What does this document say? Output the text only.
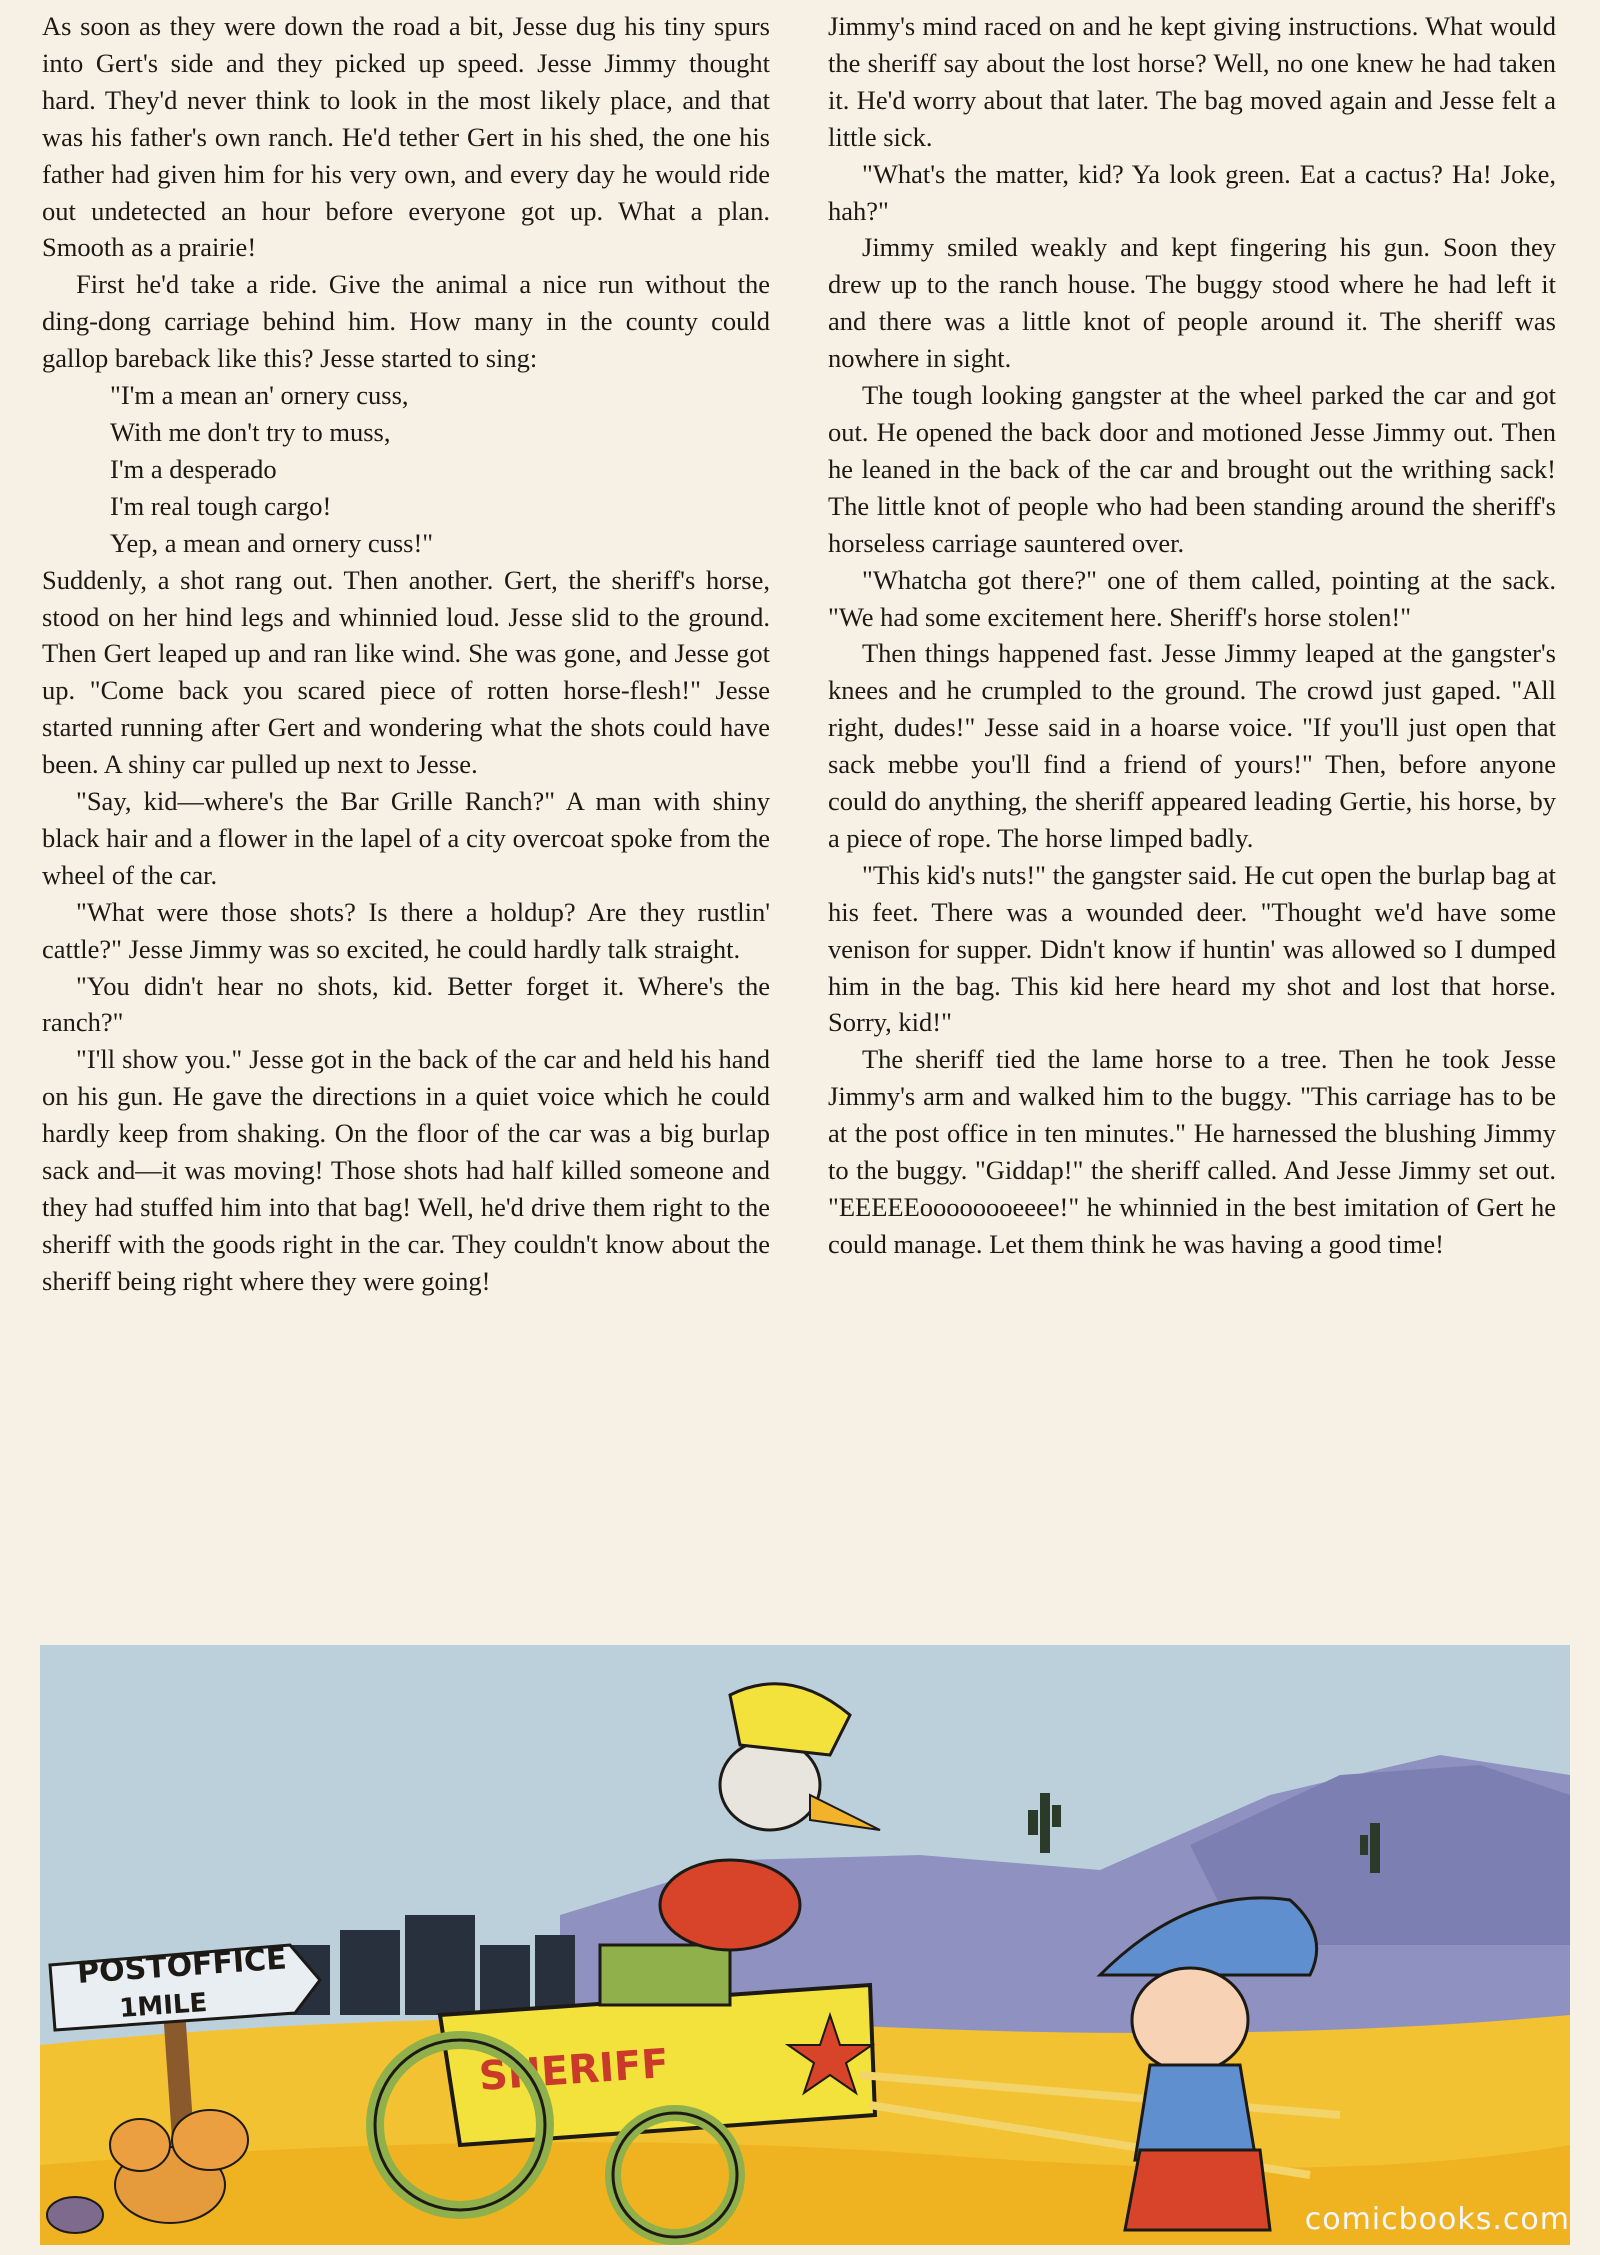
As soon as they were down the road a bit, Jesse dug his tiny spurs into Gert's side and they picked up speed. Jesse Jimmy thought hard. They'd never think to look in the most likely place, and that was his father's own ranch. He'd tether Gert in his shed, the one his father had given him for his very own, and every day he would ride out undetected an hour before everyone got up. What a plan. Smooth as a prairie!

First he'd take a ride. Give the animal a nice run without the ding-dong carriage behind him. How many in the county could gallop bareback like this? Jesse started to sing:

"I'm a mean an' ornery cuss,
With me don't try to muss,
I'm a desperado
I'm real tough cargo!
Yep, a mean and ornery cuss!"

Suddenly, a shot rang out. Then another. Gert, the sheriff's horse, stood on her hind legs and whinnied loud. Jesse slid to the ground. Then Gert leaped up and ran like wind. She was gone, and Jesse got up. "Come back you scared piece of rotten horse-flesh!" Jesse started running after Gert and wondering what the shots could have been. A shiny car pulled up next to Jesse.

"Say, kid—where's the Bar Grille Ranch?" A man with shiny black hair and a flower in the lapel of a city overcoat spoke from the wheel of the car.

"What were those shots? Is there a holdup? Are they rustlin' cattle?" Jesse Jimmy was so excited, he could hardly talk straight.

"You didn't hear no shots, kid. Better forget it. Where's the ranch?"

"I'll show you." Jesse got in the back of the car and held his hand on his gun. He gave the directions in a quiet voice which he could hardly keep from shaking. On the floor of the car was a big burlap sack and—it was moving! Those shots had half killed someone and they had stuffed him into that bag! Well, he'd drive them right to the sheriff with the goods right in the car. They couldn't know about the sheriff being right where they were going!

Jimmy's mind raced on and he kept giving instructions. What would the sheriff say about the lost horse? Well, no one knew he had taken it. He'd worry about that later. The bag moved again and Jesse felt a little sick.

"What's the matter, kid? Ya look green. Eat a cactus? Ha! Joke, hah?"

Jimmy smiled weakly and kept fingering his gun. Soon they drew up to the ranch house. The buggy stood where he had left it and there was a little knot of people around it. The sheriff was nowhere in sight.

The tough looking gangster at the wheel parked the car and got out. He opened the back door and motioned Jesse Jimmy out. Then he leaned in the back of the car and brought out the writhing sack! The little knot of people who had been standing around the sheriff's horseless carriage sauntered over.

"Whatcha got there?" one of them called, pointing at the sack. "We had some excitement here. Sheriff's horse stolen!"

Then things happened fast. Jesse Jimmy leaped at the gangster's knees and he crumpled to the ground. The crowd just gaped. "All right, dudes!" Jesse said in a hoarse voice. "If you'll just open that sack mebbe you'll find a friend of yours!" Then, before anyone could do anything, the sheriff appeared leading Gertie, his horse, by a piece of rope. The horse limped badly.

"This kid's nuts!" the gangster said. He cut open the burlap bag at his feet. There was a wounded deer. "Thought we'd have some venison for supper. Didn't know if huntin' was allowed so I dumped him in the bag. This kid here heard my shot and lost that horse. Sorry, kid!"

The sheriff tied the lame horse to a tree. Then he took Jesse Jimmy's arm and walked him to the buggy. "This carriage has to be at the post office in ten minutes." He harnessed the blushing Jimmy to the buggy. "Giddap!" the sheriff called. And Jesse Jimmy set out. "EEEEEoooooooeeee!" he whinnied in the best imitation of Gert he could manage. Let them think he was having a good time!

POSTOFFICE
1MILE
SHERIFF
comicbooks.com
